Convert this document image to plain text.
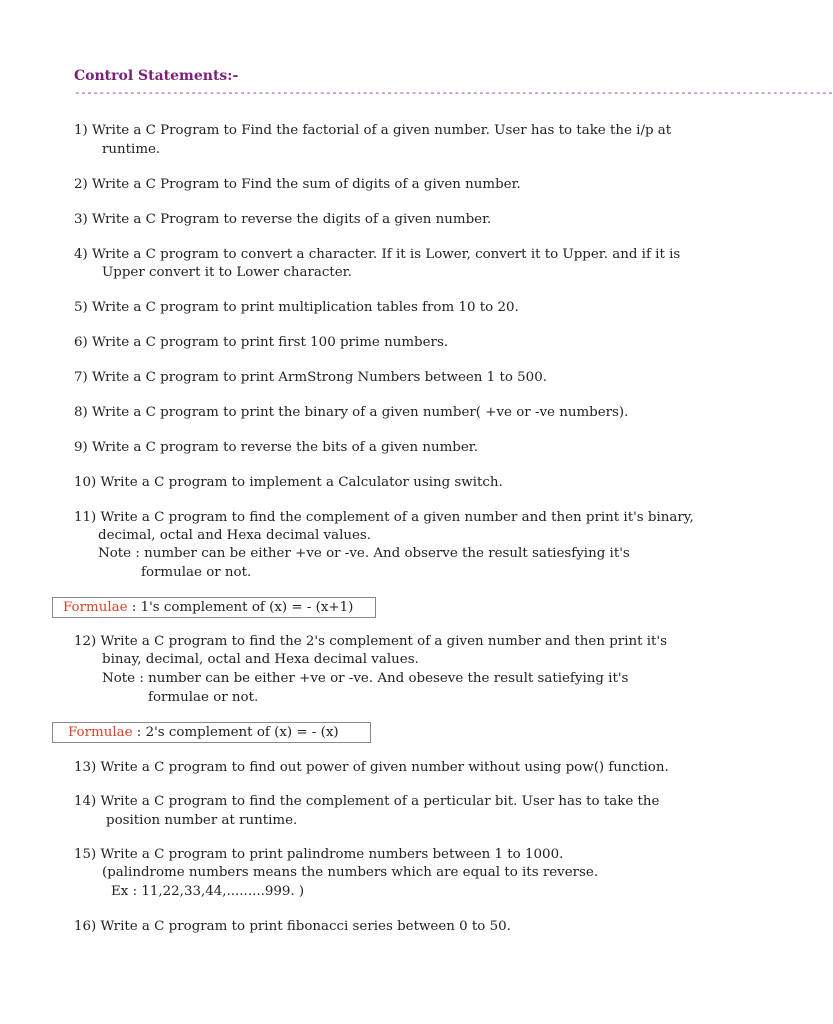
Control Statements:-
----------------------------------------------------------------------------------------------------------------------------
1) Write a C Program to Find the factorial of a given number. User has to take the i/p at
runtime.
2) Write a C Program to Find the sum of digits of a given number.
3) Write a C Program to reverse the digits of a given number.
4) Write a C program to convert a character. If it is Lower, convert it to Upper. and if it is
Upper convert it to Lower character.
5) Write a C program to print multiplication tables from 10 to 20.
6) Write a C program to print first 100 prime numbers.
7) Write a C program to print ArmStrong Numbers between 1 to 500.
8) Write a C program to print the binary of a given number( +ve or -ve numbers).
9) Write a C program to reverse the bits of a given number.
10) Write a C program to implement a Calculator using switch.
11) Write a C program to find the complement of a given number and then print it's binary,
decimal, octal and Hexa decimal values.
Note : number can be either +ve or -ve. And observe the result satiesfying it's
formulae or not.
Formulae : 1's complement of (x) = - (x+1)
12) Write a C program to find the 2's complement of a given number and then print it's
binay, decimal, octal and Hexa decimal values.
Note : number can be either +ve or -ve. And obeseve the result satiefying it's
formulae or not.
Formulae : 2's complement of (x) = - (x)
13) Write a C program to find out power of given number without using pow() function.
14) Write a C program to find the complement of a perticular bit. User has to take the
position number at runtime.
15) Write a C program to print palindrome numbers between 1 to 1000.
(palindrome numbers means the numbers which are equal to its reverse.
Ex : 11,22,33,44,.........999. )
16) Write a C program to print fibonacci series between 0 to 50.
